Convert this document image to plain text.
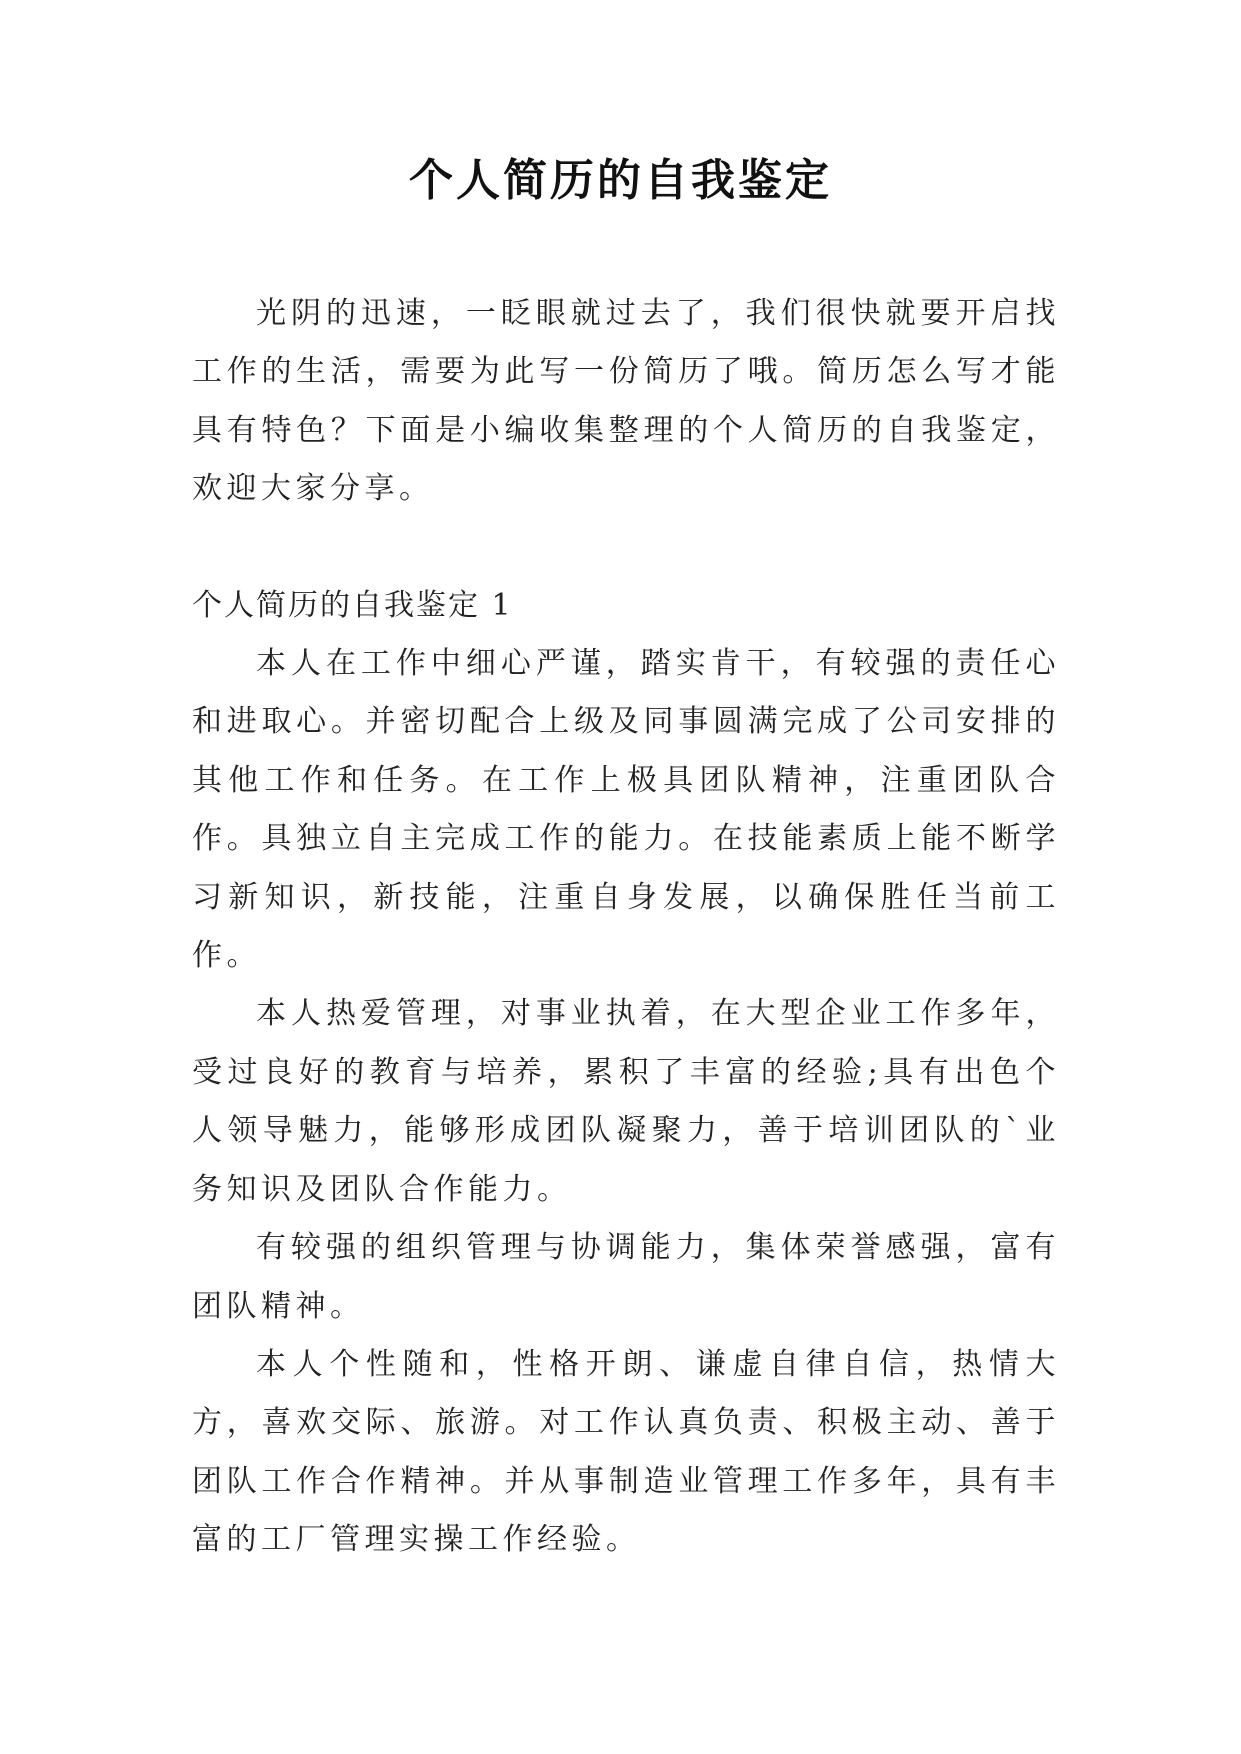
个人简历的自我鉴定

光阴的迅速，一眨眼就过去了，我们很快就要开启找工作的生活，需要为此写一份简历了哦。简历怎么写才能具有特色？下面是小编收集整理的个人简历的自我鉴定，欢迎大家分享。

个人简历的自我鉴定 1

本人在工作中细心严谨，踏实肯干，有较强的责任心和进取心。并密切配合上级及同事圆满完成了公司安排的其他工作和任务。在工作上极具团队精神，注重团队合作。具独立自主完成工作的能力。在技能素质上能不断学习新知识，新技能，注重自身发展，以确保胜任当前工作。

本人热爱管理，对事业执着，在大型企业工作多年，受过良好的教育与培养，累积了丰富的经验;具有出色个人领导魅力，能够形成团队凝聚力，善于培训团队的`业务知识及团队合作能力。

有较强的组织管理与协调能力，集体荣誉感强，富有团队精神。

本人个性随和，性格开朗、谦虚自律自信，热情大方，喜欢交际、旅游。对工作认真负责、积极主动、善于团队工作合作精神。并从事制造业管理工作多年，具有丰富的工厂管理实操工作经验。
